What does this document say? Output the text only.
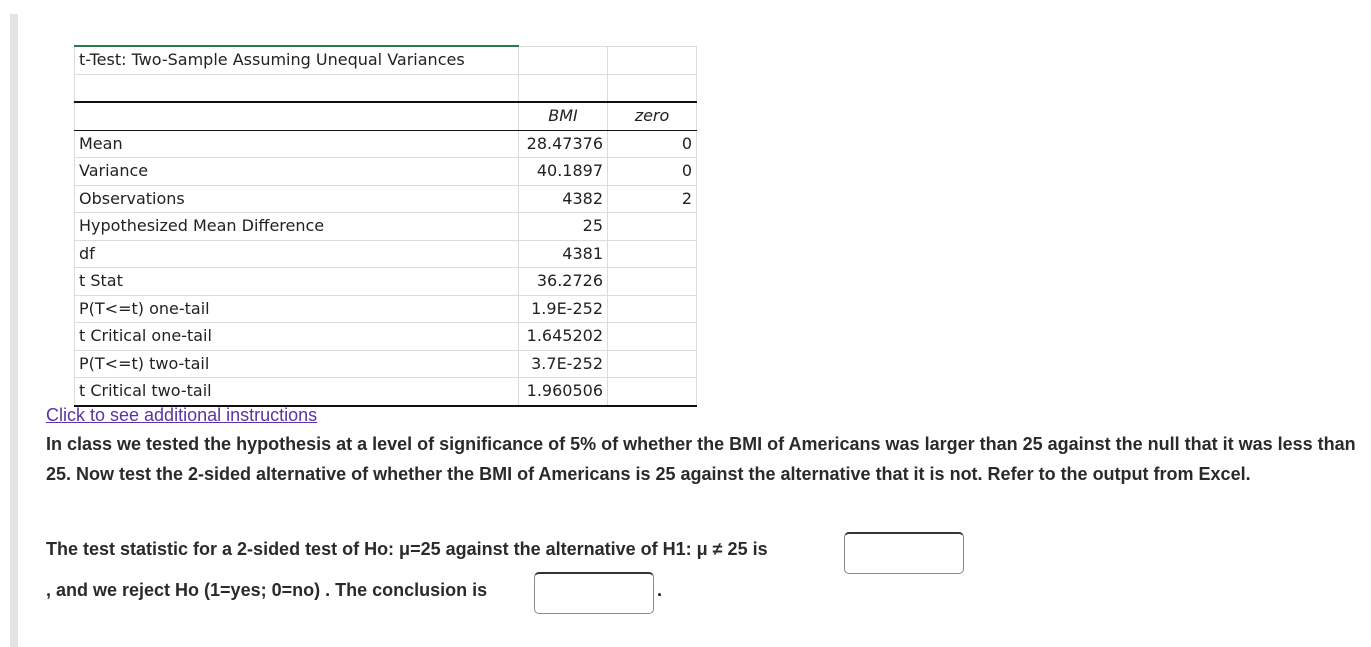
t-Test: Two-Sample Assuming Unequal Variances		

	BMI	zero
Mean	28.47376	0
Variance	40.1897	0
Observations	4382	2
Hypothesized Mean Difference	25	
df	4381	
t Stat	36.2726	
P(T<=t) one-tail	1.9E-252	
t Critical one-tail	1.645202	
P(T<=t) two-tail	3.7E-252	
t Critical two-tail	1.960506	
Click to see additional instructions
In class we tested the hypothesis at a level of significance of 5% of whether the BMI of Americans was larger than 25 against the null that it was less than 25. Now test the 2-sided alternative of whether the BMI of Americans is 25 against the alternative that it is not. Refer to the output from Excel.
The test statistic for a 2-sided test of Ho: μ=25 against the alternative of H1: μ ≠ 25 is
, and we reject Ho (1=yes; 0=no) . The conclusion is	.
